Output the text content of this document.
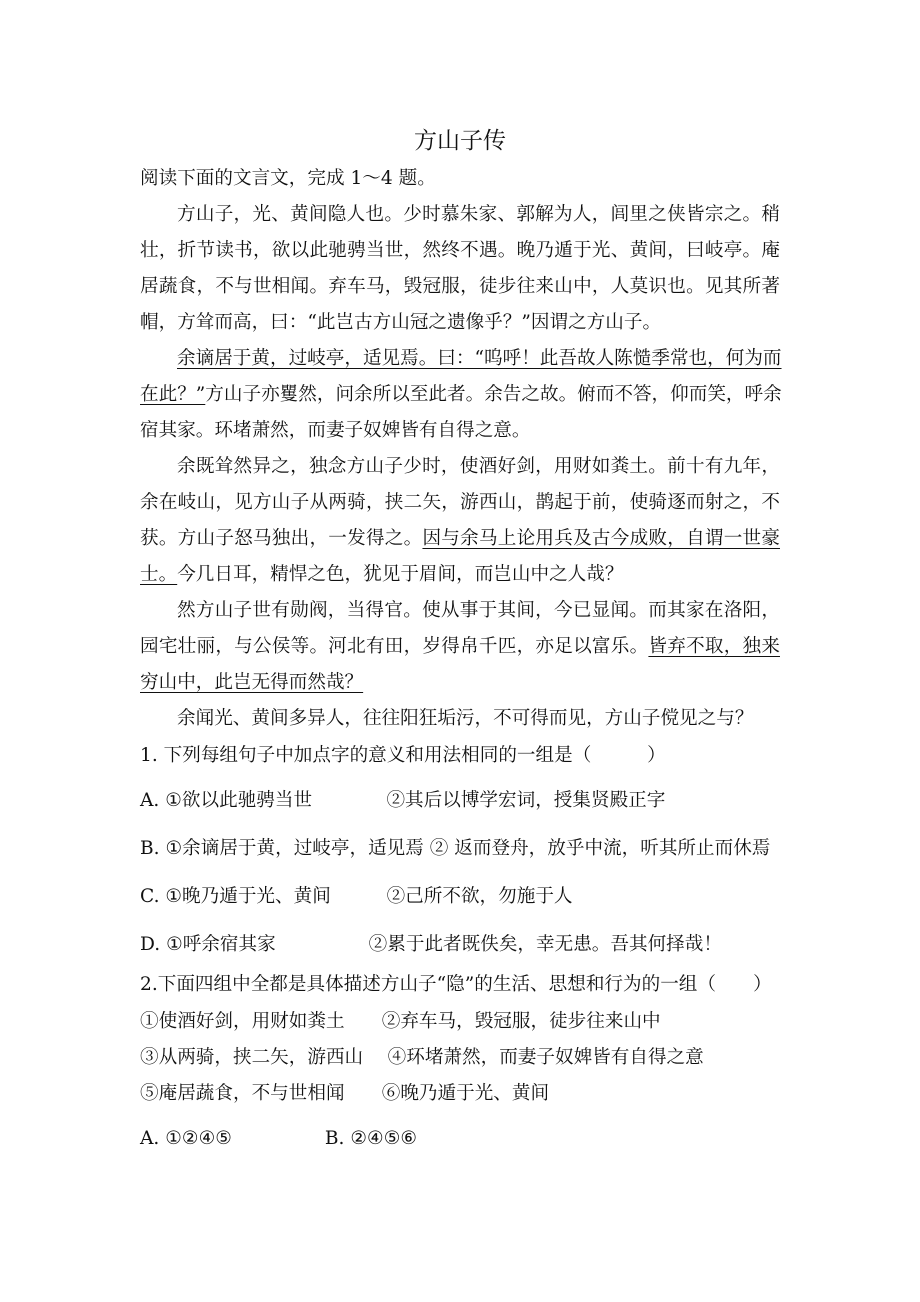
方山子传
阅读下面的文言文，完成 1～4 题。
方山子，光、黄间隐人也。少时慕朱家、郭解为人，闾里之侠皆宗之。稍
壮，折节读书，欲以此驰骋当世，然终不遇。晚乃遁于光、黄间，曰岐亭。庵
居蔬食，不与世相闻。弃车马，毁冠服，徒步往来山中，人莫识也。见其所著
帽，方耸而高，曰：“此岂古方山冠之遗像乎？”因谓之方山子。
余谪居于黄，过岐亭，适见焉。曰：“呜呼！此吾故人陈慥季常也，何为而
在此？”方山子亦矍然，问余所以至此者。余告之故。俯而不答，仰而笑，呼余
宿其家。环堵萧然，而妻子奴婢皆有自得之意。
余既耸然异之，独念方山子少时，使酒好剑，用财如粪土。前十有九年，
余在岐山，见方山子从两骑，挟二矢，游西山，鹊起于前，使骑逐而射之，不
获。方山子怒马独出，一发得之。因与余马上论用兵及古今成败，自谓一世豪
士。今几日耳，精悍之色，犹见于眉间，而岂山中之人哉？
然方山子世有勋阀，当得官。使从事于其间，今已显闻。而其家在洛阳，
园宅壮丽，与公侯等。河北有田，岁得帛千匹，亦足以富乐。皆弃不取，独来
穷山中，此岂无得而然哉？
余闻光、黄间多异人，往往阳狂垢污，不可得而见，方山子傥见之与？
1. 下列每组句子中加点字的意义和用法相同的一组是（　　　）
A. ①欲以此驰骋当世　　　　②其后以博学宏词，授集贤殿正字
B. ①余谪居于黄，过岐亭，适见焉 ② 返而登舟，放乎中流，听其所止而休焉
C. ①晚乃遁于光、黄间　　　②己所不欲，勿施于人
D. ①呼余宿其家　　　　　②累于此者既佚矣，幸无患。吾其何择哉！
2.下面四组中全都是具体描述方山子“隐”的生活、思想和行为的一组（　　）
①使酒好剑，用财如粪土　　②弃车马，毁冠服，徒步往来山中
③从两骑，挟二矢，游西山　 ④环堵萧然，而妻子奴婢皆有自得之意
⑤庵居蔬食，不与世相闻　　⑥晚乃遁于光、黄间
A. ①②④⑤　　　　　B. ②④⑤⑥
